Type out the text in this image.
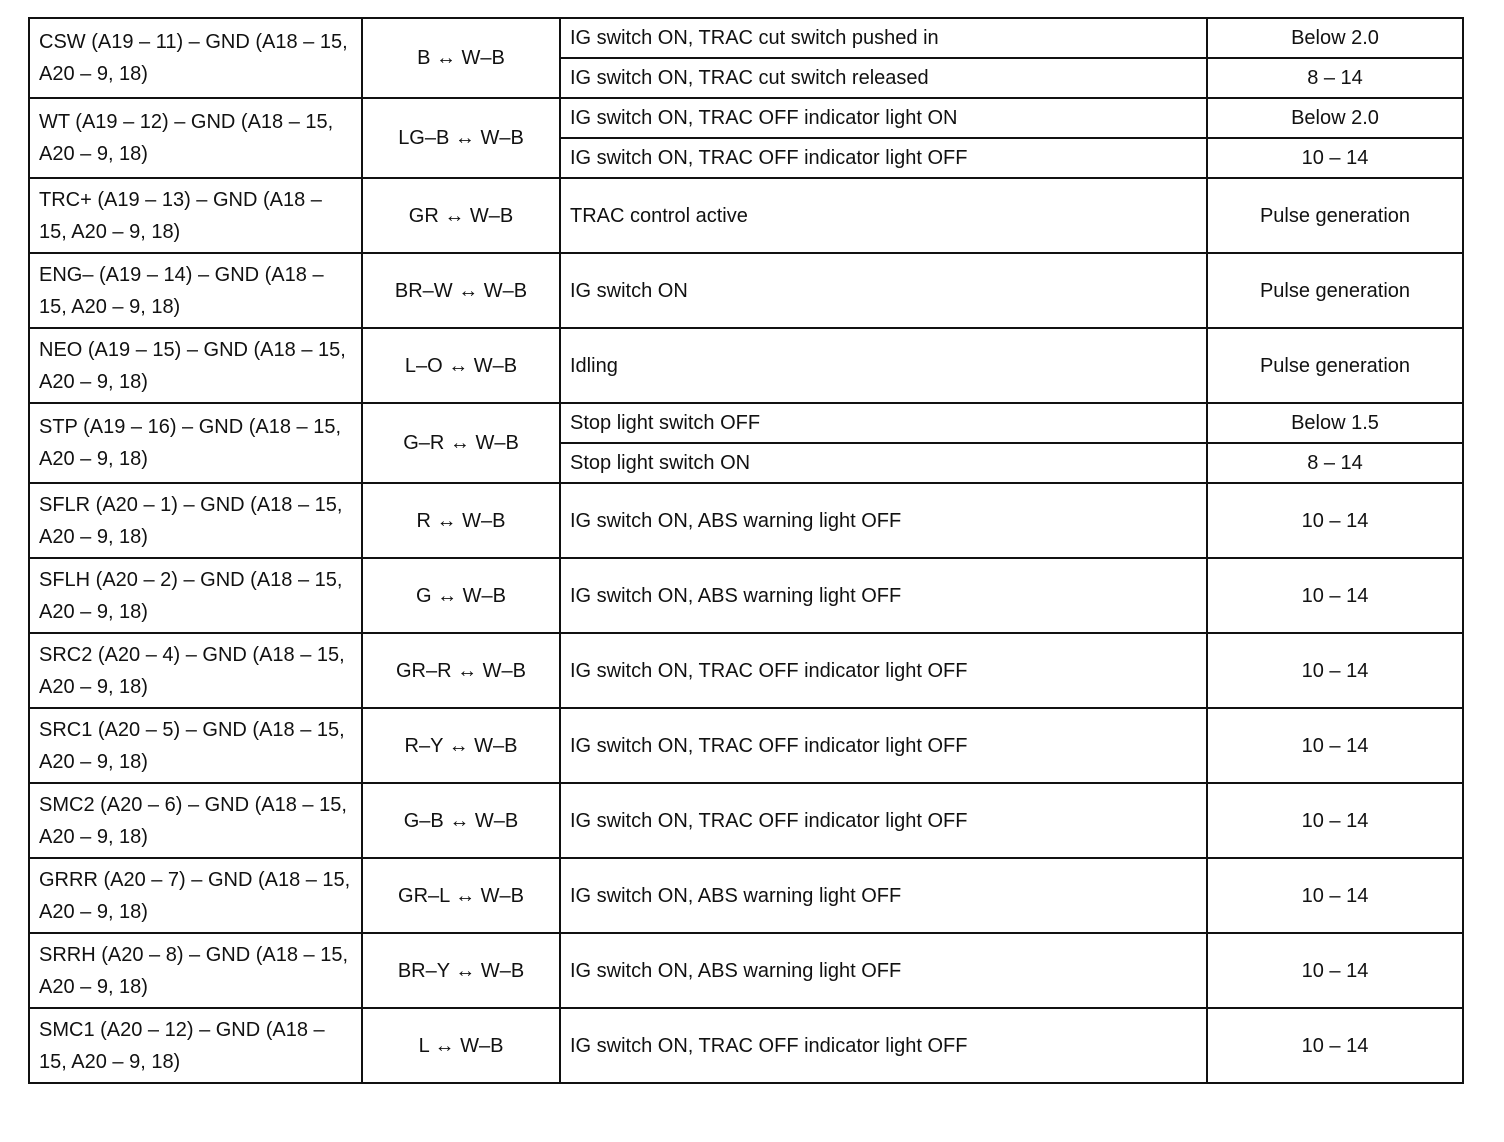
CSW (A19 – 11) – GND (A18 – 15, A20 – 9, 18)	B ↔ W–B	IG switch ON, TRAC cut switch pushed in	Below 2.0
		IG switch ON, TRAC cut switch released	8 – 14
WT (A19 – 12) – GND (A18 – 15, A20 – 9, 18)	LG–B ↔ W–B	IG switch ON, TRAC OFF indicator light ON	Below 2.0
		IG switch ON, TRAC OFF indicator light OFF	10 – 14
TRC+ (A19 – 13) – GND (A18 – 15, A20 – 9, 18)	GR ↔ W–B	TRAC control active	Pulse generation
ENG– (A19 – 14) – GND (A18 – 15, A20 – 9, 18)	BR–W ↔ W–B	IG switch ON	Pulse generation
NEO (A19 – 15) – GND (A18 – 15, A20 – 9, 18)	L–O ↔ W–B	Idling	Pulse generation
STP (A19 – 16) – GND (A18 – 15, A20 – 9, 18)	G–R ↔ W–B	Stop light switch OFF	Below 1.5
		Stop light switch ON	8 – 14
SFLR (A20 – 1) – GND (A18 – 15, A20 – 9, 18)	R ↔ W–B	IG switch ON, ABS warning light OFF	10 – 14
SFLH (A20 – 2) – GND (A18 – 15, A20 – 9, 18)	G ↔ W–B	IG switch ON, ABS warning light OFF	10 – 14
SRC2 (A20 – 4) – GND (A18 – 15, A20 – 9, 18)	GR–R ↔ W–B	IG switch ON, TRAC OFF indicator light OFF	10 – 14
SRC1 (A20 – 5) – GND (A18 – 15, A20 – 9, 18)	R–Y ↔ W–B	IG switch ON, TRAC OFF indicator light OFF	10 – 14
SMC2 (A20 – 6) – GND (A18 – 15, A20 – 9, 18)	G–B ↔ W–B	IG switch ON, TRAC OFF indicator light OFF	10 – 14
GRRR (A20 – 7) – GND (A18 – 15, A20 – 9, 18)	GR–L ↔ W–B	IG switch ON, ABS warning light OFF	10 – 14
SRRH (A20 – 8) – GND (A18 – 15, A20 – 9, 18)	BR–Y ↔ W–B	IG switch ON, ABS warning light OFF	10 – 14
SMC1 (A20 – 12) – GND (A18 – 15, A20 – 9, 18)	L ↔ W–B	IG switch ON, TRAC OFF indicator light OFF	10 – 14
